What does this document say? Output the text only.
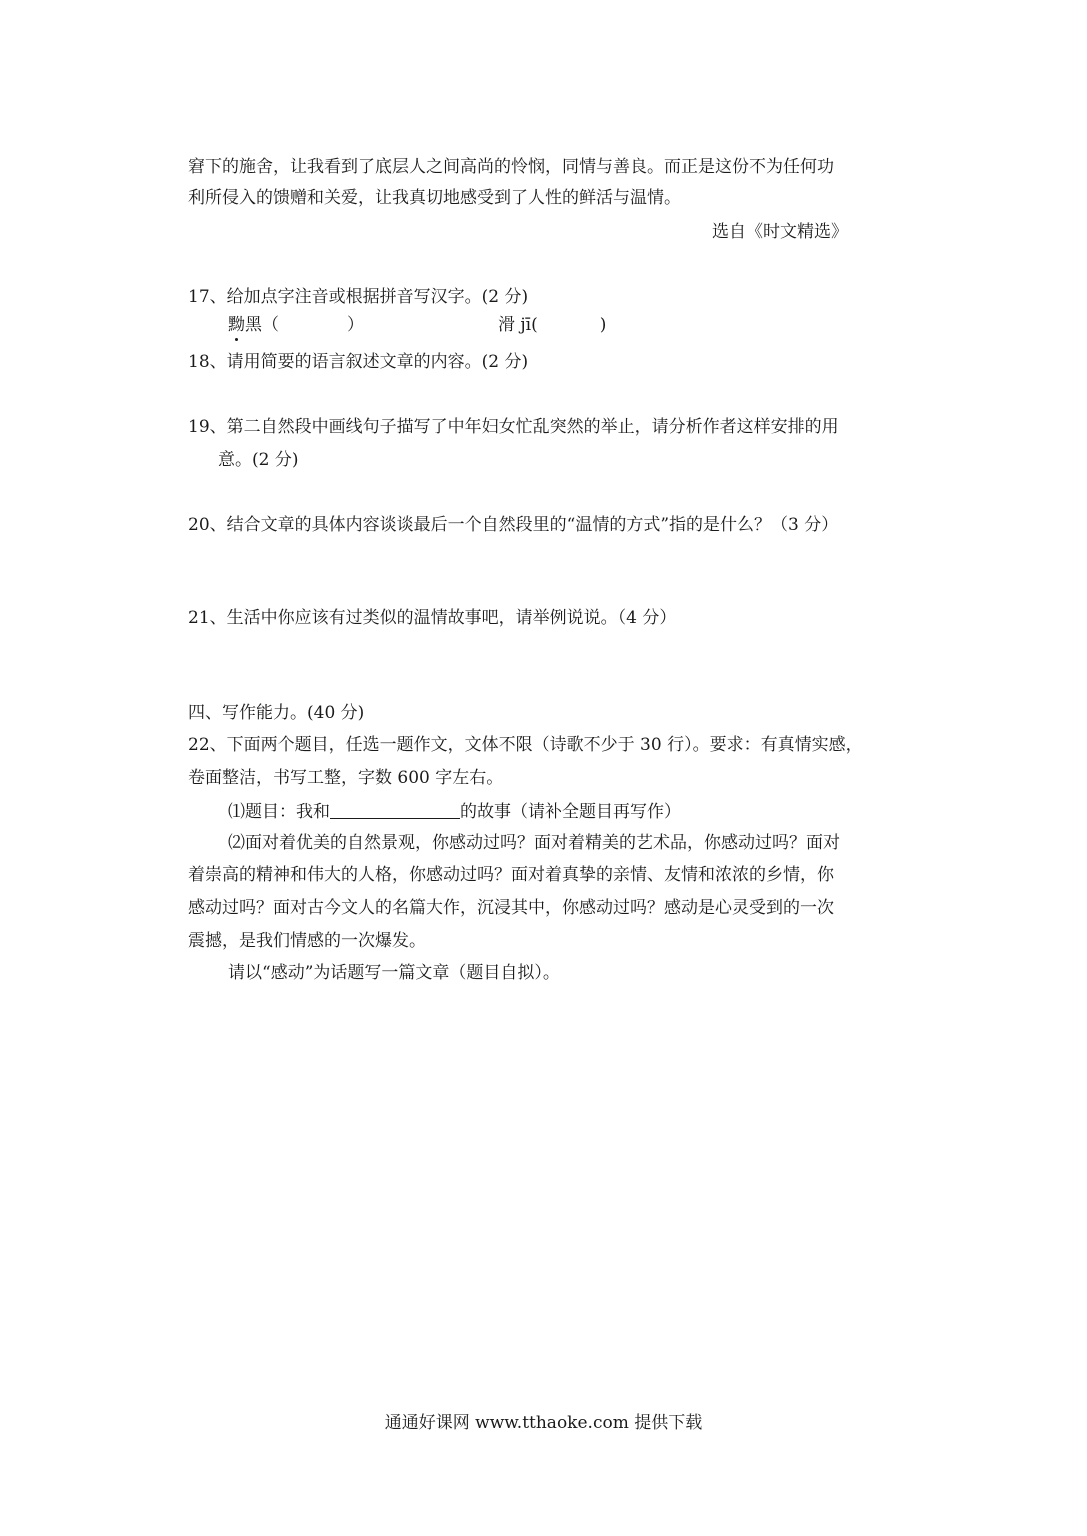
窘下的施舍，让我看到了底层人之间高尚的怜悯，同情与善良。而正是这份不为任何功
利所侵入的馈赠和关爱，让我真切地感受到了人性的鲜活与温情。
选自《时文精选》
17、给加点字注音或根据拼音写汉字。(2 分)
黝黑（	）	滑 jī(	)
18、请用简要的语言叙述文章的内容。(2 分)
19、第二自然段中画线句子描写了中年妇女忙乱突然的举止，请分析作者这样安排的用
意。(2 分)
20、结合文章的具体内容谈谈最后一个自然段里的“温情的方式”指的是什么？（3 分）
21、生活中你应该有过类似的温情故事吧，请举例说说。（4 分）
四、写作能力。(40 分)
22、下面两个题目，任选一题作文，文体不限（诗歌不少于 30 行）。要求：有真情实感，
卷面整洁，书写工整，字数 600 字左右。
⑴题目：我和	的故事（请补全题目再写作）
⑵面对着优美的自然景观，你感动过吗？面对着精美的艺术品，你感动过吗？面对
着崇高的精神和伟大的人格，你感动过吗？面对着真挚的亲情、友情和浓浓的乡情，你
感动过吗？面对古今文人的名篇大作，沉浸其中，你感动过吗？感动是心灵受到的一次
震撼，是我们情感的一次爆发。
请以“感动”为话题写一篇文章（题目自拟）。
通通好课网 www.tthaoke.com 提供下载
